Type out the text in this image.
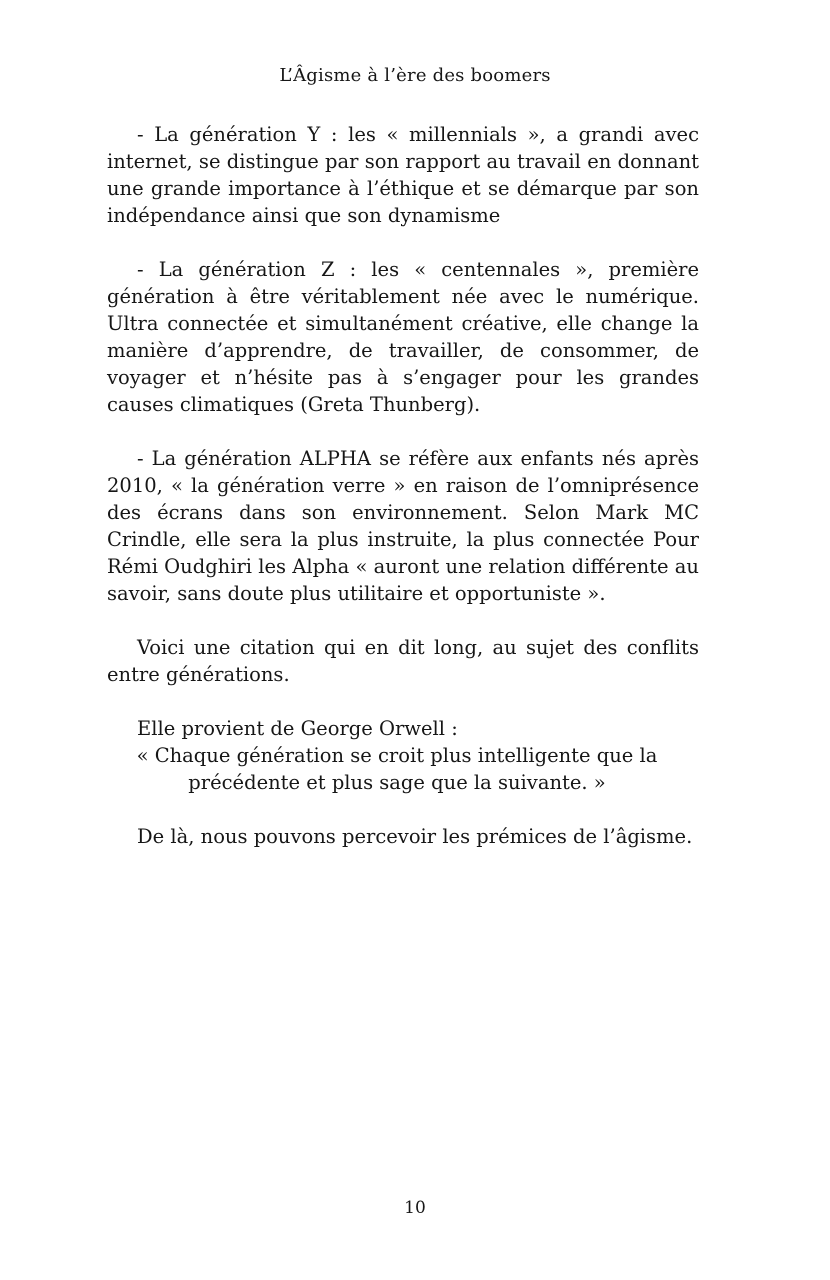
L’Âgisme à l’ère des boomers

- La génération Y : les « millennials », a grandi avec internet, se distingue par son rapport au travail en donnant une grande importance à l’éthique et se démarque par son indépendance ainsi que son dynamisme

- La génération Z : les « centennales », première génération à être véritablement née avec le numérique. Ultra connectée et simultanément créative, elle change la manière d’apprendre, de travailler, de consommer, de voyager et n’hésite pas à s’engager pour les grandes causes climatiques (Greta Thunberg).

- La génération ALPHA se réfère aux enfants nés après 2010, « la génération verre » en raison de l’omniprésence des écrans dans son environnement. Selon Mark MC Crindle, elle sera la plus instruite, la plus connectée Pour Rémi Oudghiri les Alpha « auront une relation différente au savoir, sans doute plus utilitaire et opportuniste ».

Voici une citation qui en dit long, au sujet des conflits entre générations.

Elle provient de George Orwell :

« Chaque génération se croit plus intelligente que la précédente et plus sage que la suivante. »

De là, nous pouvons percevoir les prémices de l’âgisme.

10
